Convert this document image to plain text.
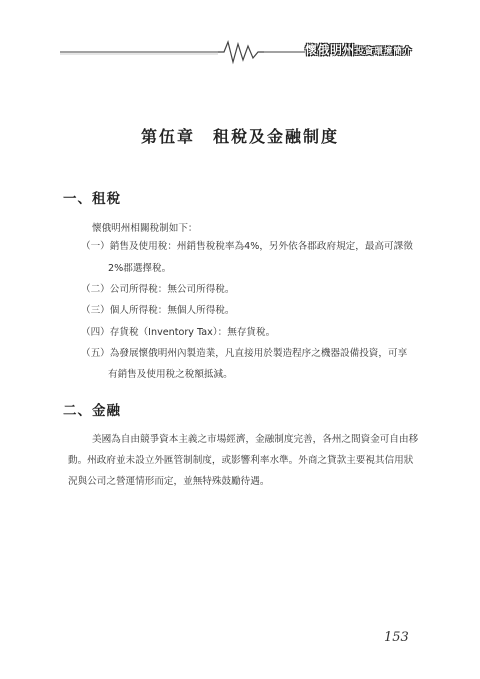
懷俄明州投資環境簡介
第伍章　租稅及金融制度
一、租稅
懷俄明州相關稅制如下：
（一）銷售及使用稅：州銷售稅稅率為4%，另外依各郡政府規定，最高可課徵
2%郡選擇稅。
（二）公司所得稅：無公司所得稅。
（三）個人所得稅：無個人所得稅。
（四）存貨稅（Inventory Tax）：無存貨稅。
（五）為發展懷俄明州內製造業，凡直接用於製造程序之機器設備投資，可享
有銷售及使用稅之稅額抵減。
二、金融
美國為自由競爭資本主義之市場經濟，金融制度完善，各州之間資金可自由移
動。州政府並未設立外匯管制制度，或影響利率水準。外商之貸款主要視其信用狀
況與公司之營運情形而定，並無特殊鼓勵待遇。
153
